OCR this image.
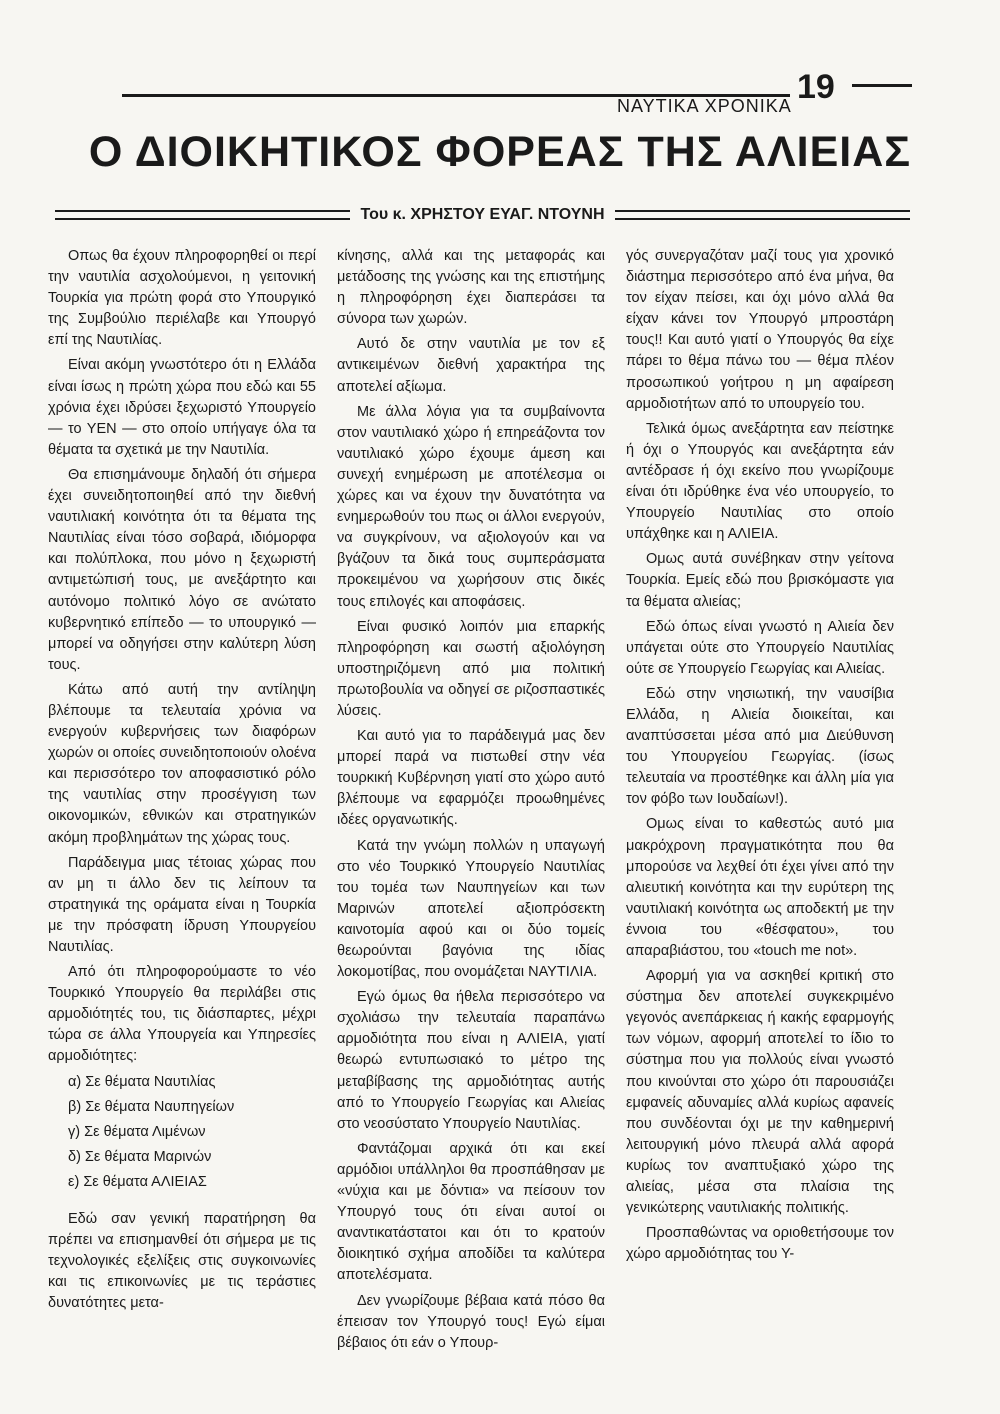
ΝΑΥΤΙΚΑ ΧΡΟΝΙΚΑ 19
Ο ΔΙΟΙΚΗΤΙΚΟΣ ΦΟΡΕΑΣ ΤΗΣ ΑΛΙΕΙΑΣ
Του κ. ΧΡΗΣΤΟΥ ΕΥΑΓ. ΝΤΟΥΝΗ

Οπως θα έχουν πληροφορηθεί οι περί την ναυτιλία ασχολούμενοι, η γειτονική Τουρκία για πρώτη φορά στο Υπουργικό της Συμβούλιο περιέλαβε και Υπουργό επί της Ναυτιλίας.

Είναι ακόμη γνωστότερο ότι η Ελλάδα είναι ίσως η πρώτη χώρα που εδώ και 55 χρόνια έχει ιδρύσει ξεχωριστό Υπουργείο — το ΥΕΝ — στο οποίο υπήγαγε όλα τα θέματα τα σχετικά με την Ναυτιλία.

Θα επισημάνουμε δηλαδή ότι σήμερα έχει συνειδητοποιηθεί από την διεθνή ναυτιλιακή κοινότητα ότι τα θέματα της Ναυτιλίας είναι τόσο σοβαρά, ιδιόμορφα και πολύπλοκα, που μόνο η ξεχωριστή αντιμετώπισή τους, με ανεξάρτητο και αυτόνομο πολιτικό λόγο σε ανώτατο κυβερνητικό επίπεδο — το υπουργικό — μπορεί να οδηγήσει στην καλύτερη λύση τους.

Κάτω από αυτή την αντίληψη βλέπουμε τα τελευταία χρόνια να ενεργούν κυβερνήσεις των διαφόρων χωρών οι οποίες συνειδητοποιούν ολοένα και περισσότερο τον αποφασιστικό ρόλο της ναυτιλίας στην προσέγγιση των οικονομικών, εθνικών και στρατηγικών ακόμη προβλημάτων της χώρας τους.

Παράδειγμα μιας τέτοιας χώρας που αν μη τι άλλο δεν τις λείπουν τα στρατηγικά της οράματα είναι η Τουρκία με την πρόσφατη ίδρυση Υπουργείου Ναυτιλίας.

Από ότι πληροφορούμαστε το νέο Τουρκικό Υπουργείο θα περιλάβει στις αρμοδιότητές του, τις διάσπαρτες, μέχρι τώρα σε άλλα Υπουργεία και Υπηρεσίες αρμοδιότητες:

α) Σε θέματα Ναυτιλίας
β) Σε θέματα Ναυπηγείων
γ) Σε θέματα Λιμένων
δ) Σε θέματα Μαρινών
ε) Σε θέματα ΑΛΙΕΙΑΣ

Εδώ σαν γενική παρατήρηση θα πρέπει να επισημανθεί ότι σήμερα με τις τεχνολογικές εξελίξεις στις συγκοινωνίες και τις επικοινωνίες με τις τεράστιες δυνατότητες μετα-

κίνησης, αλλά και της μεταφοράς και μετάδοσης της γνώσης και της επιστήμης η πληροφόρηση έχει διαπεράσει τα σύνορα των χωρών.

Αυτό δε στην ναυτιλία με τον εξ αντικειμένων διεθνή χαρακτήρα της αποτελεί αξίωμα.

Με άλλα λόγια για τα συμβαίνοντα στον ναυτιλιακό χώρο ή επηρεάζοντα τον ναυτιλιακό χώρο έχουμε άμεση και συνεχή ενημέρωση με αποτέλεσμα οι χώρες και να έχουν την δυνατότητα να ενημερωθούν του πως οι άλλοι ενεργούν, να συγκρίνουν, να αξιολογούν και να βγάζουν τα δικά τους συμπεράσματα προκειμένου να χωρήσουν στις δικές τους επιλογές και αποφάσεις.

Είναι φυσικό λοιπόν μια επαρκής πληροφόρηση και σωστή αξιολόγηση υποστηριζόμενη από μια πολιτική πρωτοβουλία να οδηγεί σε ριζοσπαστικές λύσεις.

Και αυτό για το παράδειγμά μας δεν μπορεί παρά να πιστωθεί στην νέα τουρκική Κυβέρνηση γιατί στο χώρο αυτό βλέπουμε να εφαρμόζει προωθημένες ιδέες οργανωτικής.

Κατά την γνώμη πολλών η υπαγωγή στο νέο Τουρκικό Υπουργείο Ναυτιλίας του τομέα των Ναυπηγείων και των Μαρινών αποτελεί αξιοπρόσεκτη καινοτομία αφού και οι δύο τομείς θεωρούνται βαγόνια της ιδίας λοκομοτίβας, που ονομάζεται ΝΑΥΤΙΛΙΑ.

Εγώ όμως θα ήθελα περισσότερο να σχολιάσω την τελευταία παραπάνω αρμοδιότητα που είναι η ΑΛΙΕΙΑ, γιατί θεωρώ εντυπωσιακό το μέτρο της μεταβίβασης της αρμοδιότητας αυτής από το Υπουργείο Γεωργίας και Αλιείας στο νεοσύστατο Υπουργείο Ναυτιλίας.

Φαντάζομαι αρχικά ότι και εκεί αρμόδιοι υπάλληλοι θα προσπάθησαν με «νύχια και με δόντια» να πείσουν τον Υπουργό τους ότι είναι αυτοί οι αναντικατάστατοι και ότι το κρατούν διοικητικό σχήμα αποδίδει τα καλύτερα αποτελέσματα.

Δεν γνωρίζουμε βέβαια κατά πόσο θα έπεισαν τον Υπουργό τους! Εγώ είμαι βέβαιος ότι εάν ο Υπουρ-

γός συνεργαζόταν μαζί τους για χρονικό διάστημα περισσότερο από ένα μήνα, θα τον είχαν πείσει, και όχι μόνο αλλά θα είχαν κάνει τον Υπουργό μπροστάρη τους!! Και αυτό γιατί ο Υπουργός θα είχε πάρει το θέμα πάνω του — θέμα πλέον προσωπικού γοήτρου η μη αφαίρεση αρμοδιοτήτων από το υπουργείο του.

Τελικά όμως ανεξάρτητα εαν πείστηκε ή όχι ο Υπουργός και ανεξάρτητα εάν αντέδρασε ή όχι εκείνο που γνωρίζουμε είναι ότι ιδρύθηκε ένα νέο υπουργείο, το Υπουργείο Ναυτιλίας στο οποίο υπάχθηκε και η ΑΛΙΕΙΑ.

Ομως αυτά συνέβηκαν στην γείτονα Τουρκία. Εμείς εδώ που βρισκόμαστε για τα θέματα αλιείας;

Εδώ όπως είναι γνωστό η Αλιεία δεν υπάγεται ούτε στο Υπουργείο Ναυτιλίας ούτε σε Υπουργείο Γεωργίας και Αλιείας.

Εδώ στην νησιωτική, την ναυσίβια Ελλάδα, η Αλιεία διοικείται, και αναπτύσσεται μέσα από μια Διεύθυνση του Υπουργείου Γεωργίας. (ίσως τελευταία να προστέθηκε και άλλη μία για τον φόβο των Ιουδαίων!).

Ομως είναι το καθεστώς αυτό μια μακρόχρονη πραγματικότητα που θα μπορούσε να λεχθεί ότι έχει γίνει από την αλιευτική κοινότητα και την ευρύτερη της ναυτιλιακή κοινότητα ως αποδεκτή με την έννοια του «θέσφατου», του απαραβιάστου, του «touch me not».

Αφορμή για να ασκηθεί κριτική στο σύστημα δεν αποτελεί συγκεκριμένο γεγονός ανεπάρκειας ή κακής εφαρμογής των νόμων, αφορμή αποτελεί το ίδιο το σύστημα που για πολλούς είναι γνωστό που κινούνται στο χώρο ότι παρουσιάζει εμφανείς αδυναμίες αλλά κυρίως αφανείς που συνδέονται όχι με την καθημερινή λειτουργική μόνο πλευρά αλλά αφορά κυρίως τον αναπτυξιακό χώρο της αλιείας, μέσα στα πλαίσια της γενικώτερης ναυτιλιακής πολιτικής.

Προσπαθώντας να οριοθετήσουμε τον χώρο αρμοδιότητας του Υ-
